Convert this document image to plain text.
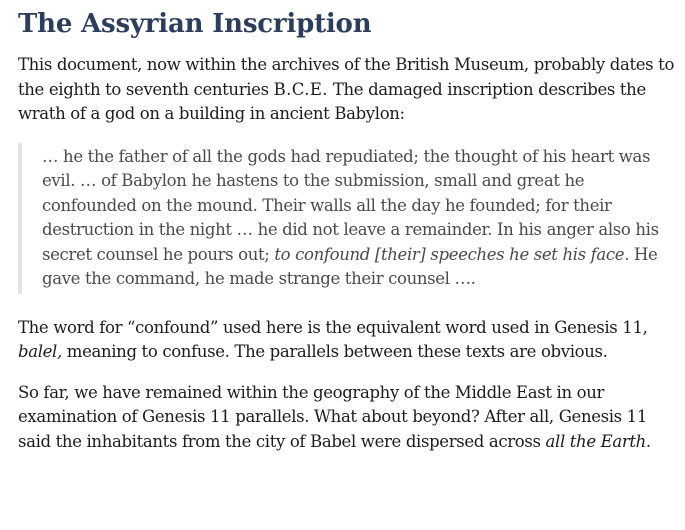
The Assyrian Inscription

This document, now within the archives of the British Museum, probably dates to the eighth to seventh centuries B.C.E. The damaged inscription describes the wrath of a god on a building in ancient Babylon:

… he the father of all the gods had repudiated; the thought of his heart was evil. … of Babylon he hastens to the submission, small and great he confounded on the mound. Their walls all the day he founded; for their destruction in the night … he did not leave a remainder. In his anger also his secret counsel he pours out; to confound [their] speeches he set his face. He gave the command, he made strange their counsel ….

The word for “confound” used here is the equivalent word used in Genesis 11, balel, meaning to confuse. The parallels between these texts are obvious.

So far, we have remained within the geography of the Middle East in our examination of Genesis 11 parallels. What about beyond? After all, Genesis 11 said the inhabitants from the city of Babel were dispersed across all the Earth.
